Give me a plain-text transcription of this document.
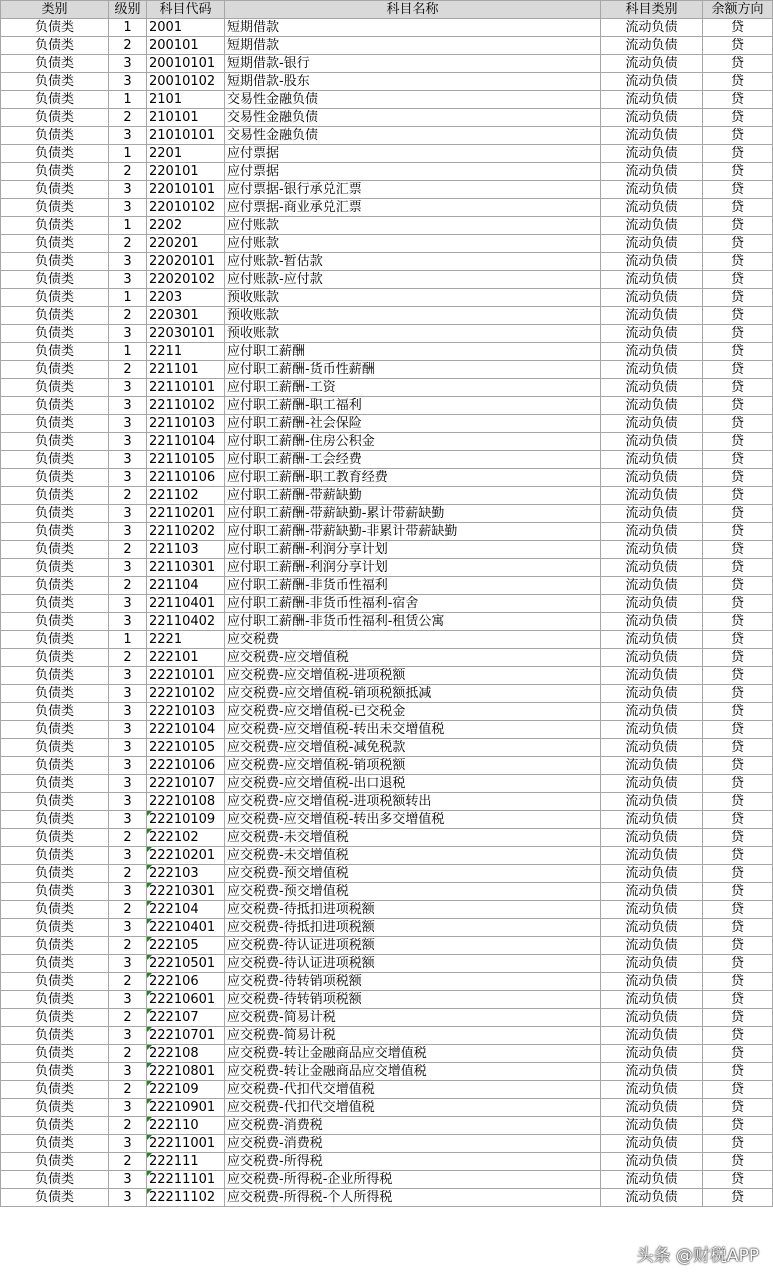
类别	级别	科目代码	科目名称	科目类别	余额方向
负债类	1	2001	短期借款	流动负债	贷
负债类	2	200101	短期借款	流动负债	贷
负债类	3	20010101	短期借款-银行	流动负债	贷
负债类	3	20010102	短期借款-股东	流动负债	贷
负债类	1	2101	交易性金融负债	流动负债	贷
负债类	2	210101	交易性金融负债	流动负债	贷
负债类	3	21010101	交易性金融负债	流动负债	贷
负债类	1	2201	应付票据	流动负债	贷
负债类	2	220101	应付票据	流动负债	贷
负债类	3	22010101	应付票据-银行承兑汇票	流动负债	贷
负债类	3	22010102	应付票据-商业承兑汇票	流动负债	贷
负债类	1	2202	应付账款	流动负债	贷
负债类	2	220201	应付账款	流动负债	贷
负债类	3	22020101	应付账款-暂估款	流动负债	贷
负债类	3	22020102	应付账款-应付款	流动负债	贷
负债类	1	2203	预收账款	流动负债	贷
负债类	2	220301	预收账款	流动负债	贷
负债类	3	22030101	预收账款	流动负债	贷
负债类	1	2211	应付职工薪酬	流动负债	贷
负债类	2	221101	应付职工薪酬-货币性薪酬	流动负债	贷
负债类	3	22110101	应付职工薪酬-工资	流动负债	贷
负债类	3	22110102	应付职工薪酬-职工福利	流动负债	贷
负债类	3	22110103	应付职工薪酬-社会保险	流动负债	贷
负债类	3	22110104	应付职工薪酬-住房公积金	流动负债	贷
负债类	3	22110105	应付职工薪酬-工会经费	流动负债	贷
负债类	3	22110106	应付职工薪酬-职工教育经费	流动负债	贷
负债类	2	221102	应付职工薪酬-带薪缺勤	流动负债	贷
负债类	3	22110201	应付职工薪酬-带薪缺勤-累计带薪缺勤	流动负债	贷
负债类	3	22110202	应付职工薪酬-带薪缺勤-非累计带薪缺勤	流动负债	贷
负债类	2	221103	应付职工薪酬-利润分享计划	流动负债	贷
负债类	3	22110301	应付职工薪酬-利润分享计划	流动负债	贷
负债类	2	221104	应付职工薪酬-非货币性福利	流动负债	贷
负债类	3	22110401	应付职工薪酬-非货币性福利-宿舍	流动负债	贷
负债类	3	22110402	应付职工薪酬-非货币性福利-租赁公寓	流动负债	贷
负债类	1	2221	应交税费	流动负债	贷
负债类	2	222101	应交税费-应交增值税	流动负债	贷
负债类	3	22210101	应交税费-应交增值税-进项税额	流动负债	贷
负债类	3	22210102	应交税费-应交增值税-销项税额抵减	流动负债	贷
负债类	3	22210103	应交税费-应交增值税-已交税金	流动负债	贷
负债类	3	22210104	应交税费-应交增值税-转出未交增值税	流动负债	贷
负债类	3	22210105	应交税费-应交增值税-减免税款	流动负债	贷
负债类	3	22210106	应交税费-应交增值税-销项税额	流动负债	贷
负债类	3	22210107	应交税费-应交增值税-出口退税	流动负债	贷
负债类	3	22210108	应交税费-应交增值税-进项税额转出	流动负债	贷
负债类	3	22210109	应交税费-应交增值税-转出多交增值税	流动负债	贷
负债类	2	222102	应交税费-未交增值税	流动负债	贷
负债类	3	22210201	应交税费-未交增值税	流动负债	贷
负债类	2	222103	应交税费-预交增值税	流动负债	贷
负债类	3	22210301	应交税费-预交增值税	流动负债	贷
负债类	2	222104	应交税费-待抵扣进项税额	流动负债	贷
负债类	3	22210401	应交税费-待抵扣进项税额	流动负债	贷
负债类	2	222105	应交税费-待认证进项税额	流动负债	贷
负债类	3	22210501	应交税费-待认证进项税额	流动负债	贷
负债类	2	222106	应交税费-待转销项税额	流动负债	贷
负债类	3	22210601	应交税费-待转销项税额	流动负债	贷
负债类	2	222107	应交税费-简易计税	流动负债	贷
负债类	3	22210701	应交税费-简易计税	流动负债	贷
负债类	2	222108	应交税费-转让金融商品应交增值税	流动负债	贷
负债类	3	22210801	应交税费-转让金融商品应交增值税	流动负债	贷
负债类	2	222109	应交税费-代扣代交增值税	流动负债	贷
负债类	3	22210901	应交税费-代扣代交增值税	流动负债	贷
负债类	2	222110	应交税费-消费税	流动负债	贷
负债类	3	22211001	应交税费-消费税	流动负债	贷
负债类	2	222111	应交税费-所得税	流动负债	贷
负债类	3	22211101	应交税费-所得税-企业所得税	流动负债	贷
负债类	3	22211102	应交税费-所得税-个人所得税	流动负债	贷
头条 @财税APP
